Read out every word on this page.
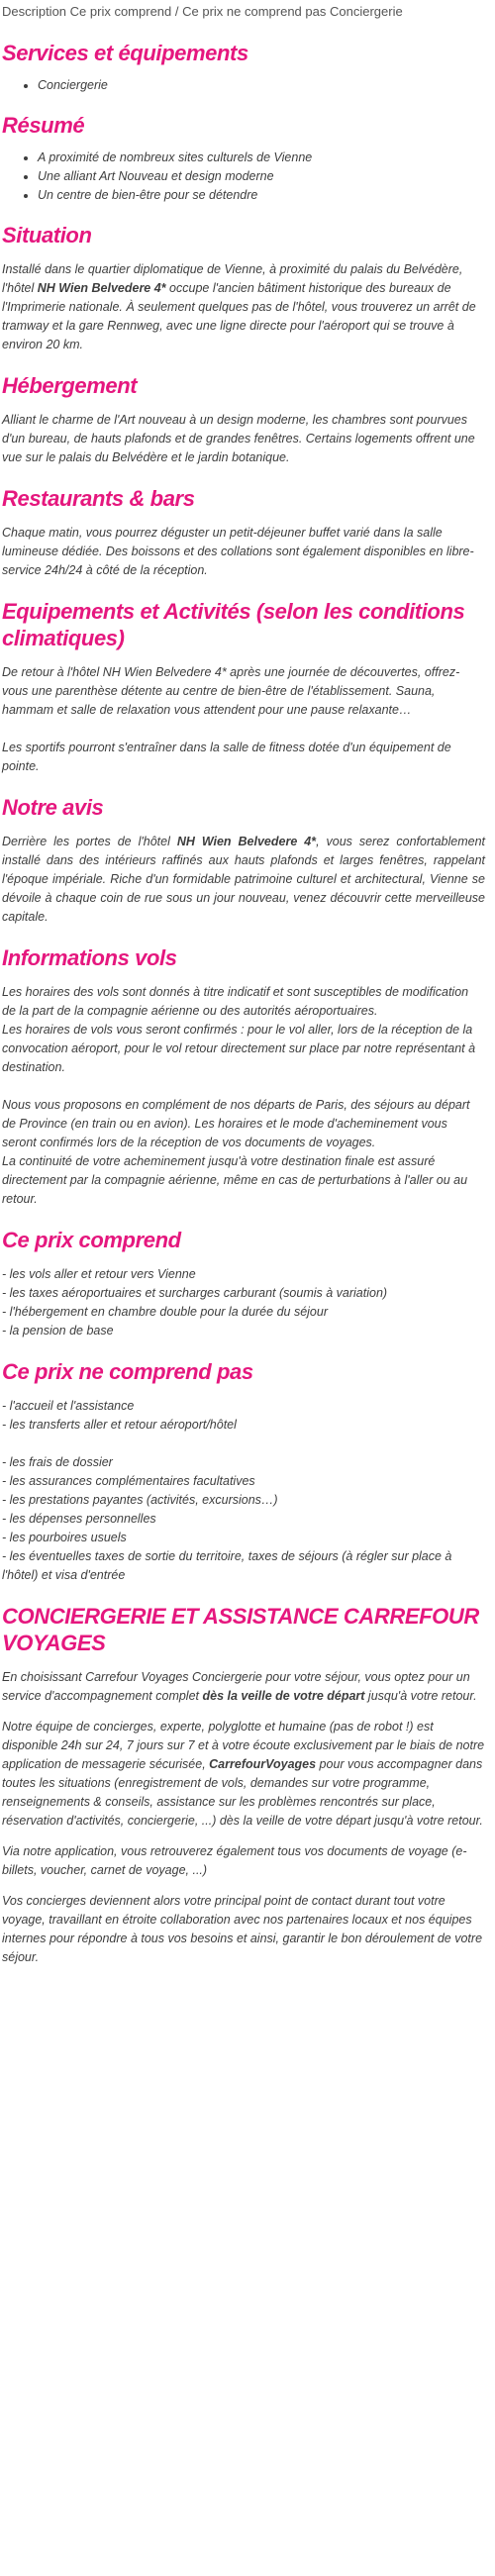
Description Ce prix comprend / Ce prix ne comprend pas Conciergerie
Services et équipements
• Conciergerie
Résumé
• A proximité de nombreux sites culturels de Vienne
• Une alliant Art Nouveau et design moderne
• Un centre de bien-être pour se détendre
Situation

Installé dans le quartier diplomatique de Vienne, à proximité du palais du Belvédère, l'hôtel NH Wien Belvedere 4* occupe l'ancien bâtiment historique des bureaux de l'Imprimerie nationale. À seulement quelques pas de l'hôtel, vous trouverez un arrêt de tramway et la gare Rennweg, avec une ligne directe pour l'aéroport qui se trouve à environ 20 km.

Hébergement

Alliant le charme de l'Art nouveau à un design moderne, les chambres sont pourvues d'un bureau, de hauts plafonds et de grandes fenêtres. Certains logements offrent une vue sur le palais du Belvédère et le jardin botanique.

Restaurants & bars

Chaque matin, vous pourrez déguster un petit-déjeuner buffet varié dans la salle lumineuse dédiée. Des boissons et des collations sont également disponibles en libre-service 24h/24 à côté de la réception.

Equipements et Activités (selon les conditions climatiques)

De retour à l'hôtel NH Wien Belvedere 4* après une journée de découvertes, offrez-vous une parenthèse détente au centre de bien-être de l'établissement. Sauna, hammam et salle de relaxation vous attendent pour une pause relaxante…

Les sportifs pourront s'entraîner dans la salle de fitness dotée d'un équipement de pointe.

Notre avis

Derrière les portes de l'hôtel NH Wien Belvedere 4*, vous serez confortablement installé dans des intérieurs raffinés aux hauts plafonds et larges fenêtres, rappelant l'époque impériale. Riche d'un formidable patrimoine culturel et architectural, Vienne se dévoile à chaque coin de rue sous un jour nouveau, venez découvrir cette merveilleuse capitale.

Informations vols

Les horaires des vols sont donnés à titre indicatif et sont susceptibles de modification de la part de la compagnie aérienne ou des autorités aéroportuaires.

Les horaires de vols vous seront confirmés : pour le vol aller, lors de la réception de la convocation aéroport, pour le vol retour directement sur place par notre représentant à destination.

Nous vous proposons en complément de nos départs de Paris, des séjours au départ de Province (en train ou en avion). Les horaires et le mode d'acheminement vous seront confirmés lors de la réception de vos documents de voyages.

La continuité de votre acheminement jusqu'à votre destination finale est assuré directement par la compagnie aérienne, même en cas de perturbations à l'aller ou au retour.

Ce prix comprend
- les vols aller et retour vers Vienne
- les taxes aéroportuaires et surcharges carburant (soumis à variation)
- l'hébergement en chambre double pour la durée du séjour
- la pension de base
Ce prix ne comprend pas
- l'accueil et l'assistance
- les transferts aller et retour aéroport/hôtel
- les frais de dossier
- les assurances complémentaires facultatives
- les prestations payantes (activités, excursions…)
- les dépenses personnelles
- les pourboires usuels
- les éventuelles taxes de sortie du territoire, taxes de séjours (à régler sur place à l'hôtel) et visa d'entrée
CONCIERGERIE ET ASSISTANCE CARREFOUR VOYAGES

En choisissant Carrefour Voyages Conciergerie pour votre séjour, vous optez pour un service d'accompagnement complet dès la veille de votre départ jusqu'à votre retour.

Notre équipe de concierges, experte, polyglotte et humaine (pas de robot !) est disponible 24h sur 24, 7 jours sur 7 et à votre écoute exclusivement par le biais de notre application de messagerie sécurisée, CarrefourVoyages pour vous accompagner dans toutes les situations (enregistrement de vols, demandes sur votre programme, renseignements & conseils, assistance sur les problèmes rencontrés sur place, réservation d'activités, conciergerie, ...) dès la veille de votre départ jusqu'à votre retour.

Via notre application, vous retrouverez également tous vos documents de voyage (e-billets, voucher, carnet de voyage, ...)

Vos concierges deviennent alors votre principal point de contact durant tout votre voyage, travaillant en étroite collaboration avec nos partenaires locaux et nos équipes internes pour répondre à tous vos besoins et ainsi, garantir le bon déroulement de votre séjour.
